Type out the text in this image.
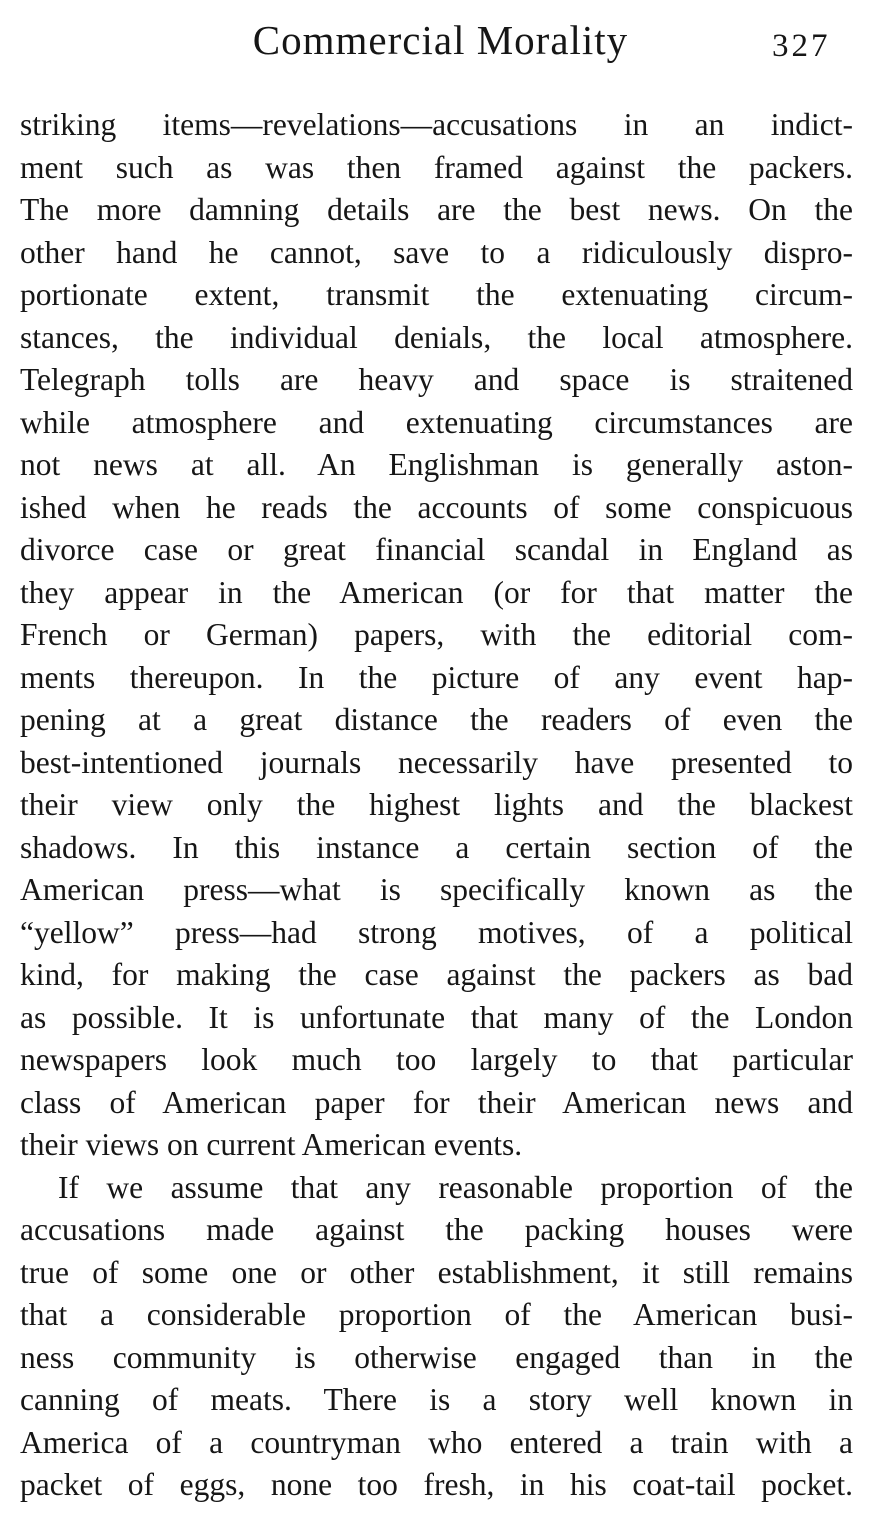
Commercial Morality	327
striking items—revelations—accusations in an indict-
ment such as was then framed against the packers.
The more damning details are the best news. On the
other hand he cannot, save to a ridiculously dispro-
portionate extent, transmit the extenuating circum-
stances, the individual denials, the local atmosphere.
Telegraph tolls are heavy and space is straitened
while atmosphere and extenuating circumstances are
not news at all. An Englishman is generally aston-
ished when he reads the accounts of some conspicuous
divorce case or great financial scandal in England as
they appear in the American (or for that matter the
French or German) papers, with the editorial com-
ments thereupon. In the picture of any event hap-
pening at a great distance the readers of even the
best-intentioned journals necessarily have presented to
their view only the highest lights and the blackest
shadows. In this instance a certain section of the
American press—what is specifically known as the
“yellow” press—had strong motives, of a political
kind, for making the case against the packers as bad
as possible. It is unfortunate that many of the London
newspapers look much too largely to that particular
class of American paper for their American news and
their views on current American events.
If we assume that any reasonable proportion of the
accusations made against the packing houses were
true of some one or other establishment, it still remains
that a considerable proportion of the American busi-
ness community is otherwise engaged than in the
canning of meats. There is a story well known in
America of a countryman who entered a train with a
packet of eggs, none too fresh, in his coat-tail pocket.
